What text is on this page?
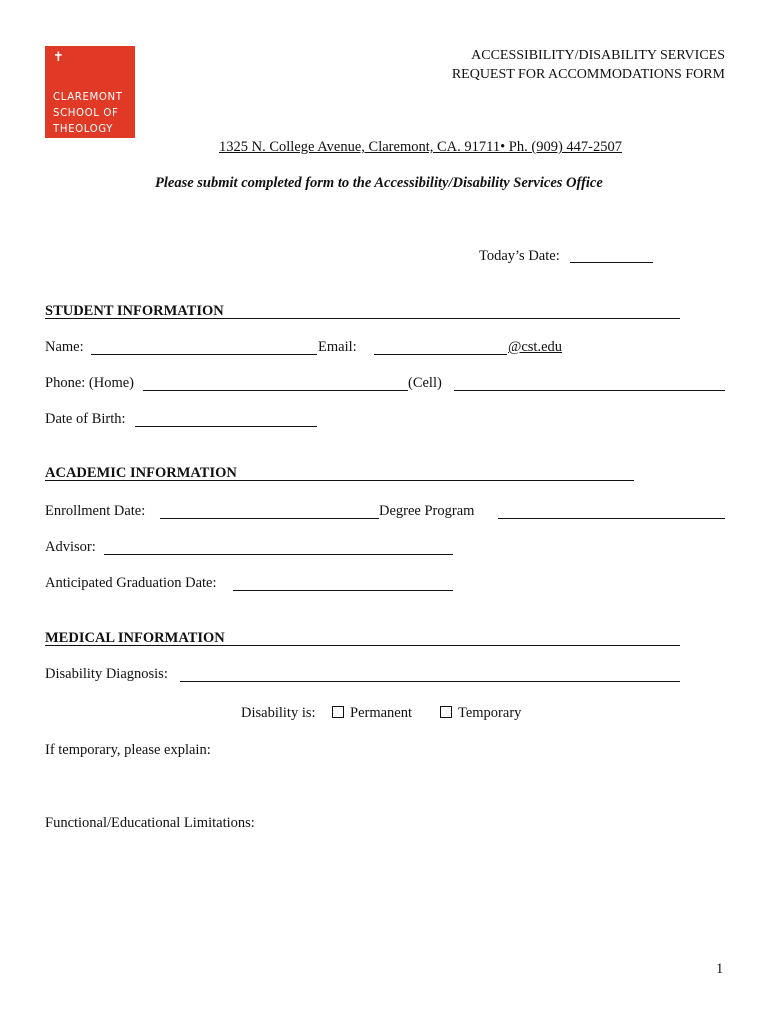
✝
CLAREMONT
SCHOOL OF
THEOLOGY
ACCESSIBILITY/DISABILITY SERVICES
REQUEST FOR ACCOMMODATIONS FORM
1325 N. College Avenue, Claremont, CA. 91711• Ph. (909) 447-2507
Please submit completed form to the Accessibility/Disability Services Office
Today’s Date:
STUDENT INFORMATION
Name:	Email:	@cst.edu
Phone: (Home)	(Cell)
Date of Birth:
ACADEMIC INFORMATION
Enrollment Date:	Degree Program
Advisor:
Anticipated Graduation Date:
MEDICAL INFORMATION
Disability Diagnosis:
Disability is:	Permanent	Temporary
If temporary, please explain:
Functional/Educational Limitations:
1
